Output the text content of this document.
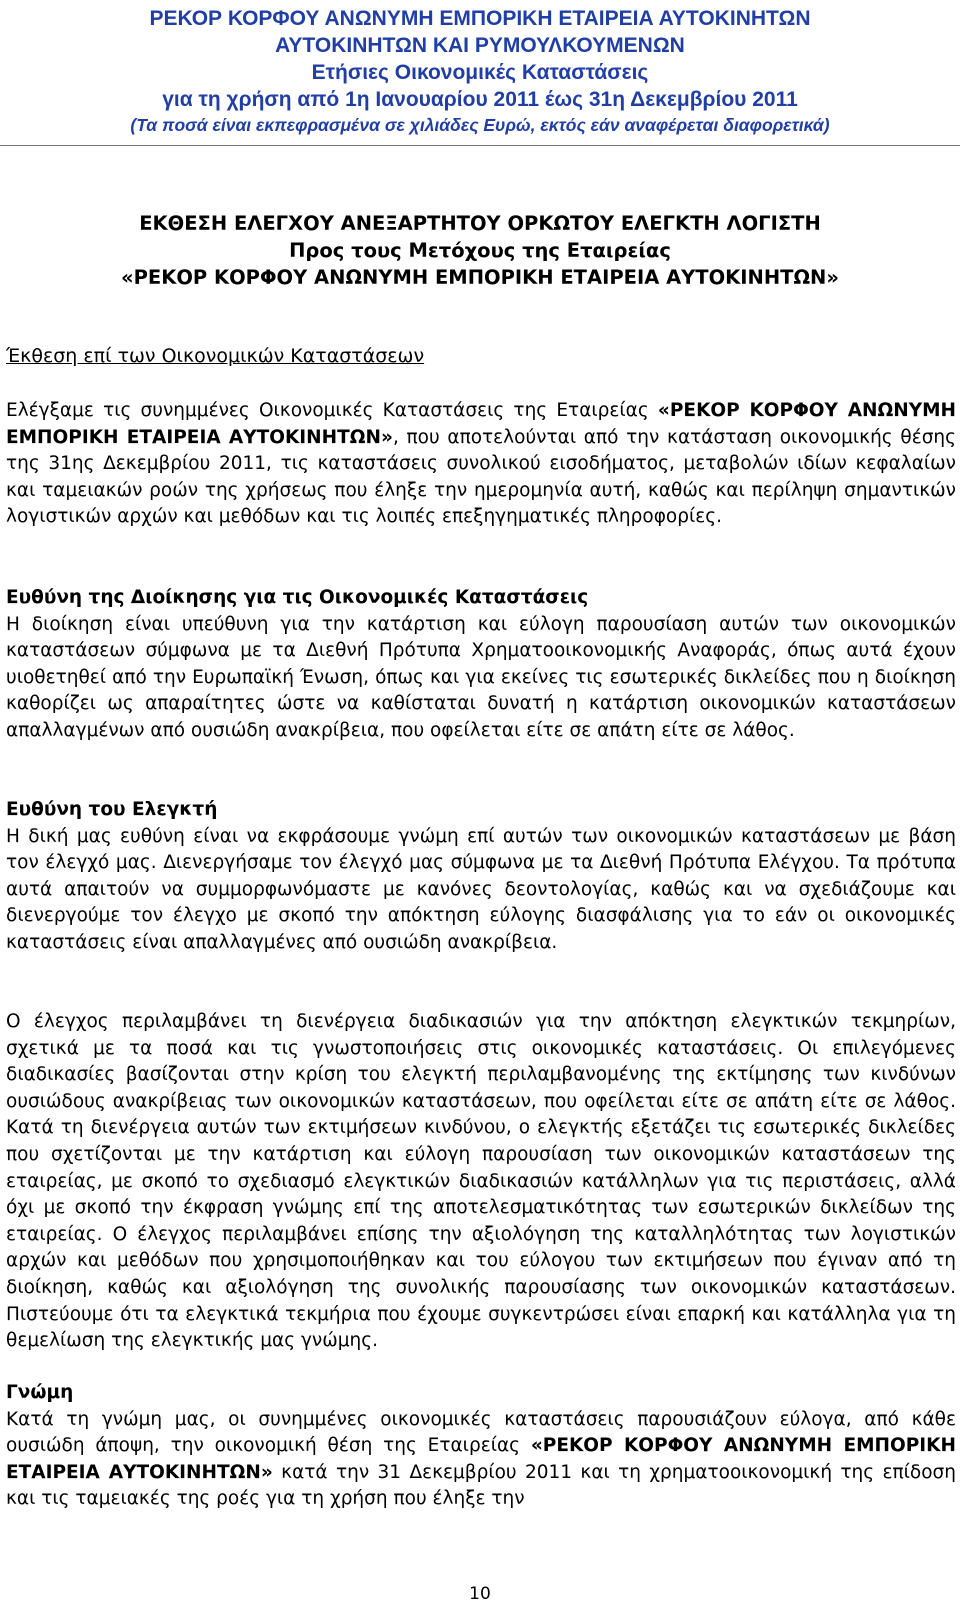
ΡΕΚΟΡ ΚΟΡΦΟΥ ΑΝΩΝΥΜΗ ΕΜΠΟΡΙΚΗ ΕΤΑΙΡΕΙΑ ΑΥΤΟΚΙΝΗΤΩΝ
ΑΥΤΟΚΙΝΗΤΩΝ ΚΑΙ ΡΥΜΟΥΛΚΟΥΜΕΝΩΝ
Ετήσιες Οικονομικές Καταστάσεις
για τη χρήση από 1η Ιανουαρίου 2011 έως 31η Δεκεμβρίου 2011
(Τα ποσά είναι εκπεφρασμένα σε χιλιάδες Ευρώ, εκτός εάν αναφέρεται διαφορετικά)
ΕΚΘΕΣΗ ΕΛΕΓΧΟΥ ΑΝΕΞΑΡΤΗΤΟΥ ΟΡΚΩΤΟΥ ΕΛΕΓΚΤΗ ΛΟΓΙΣΤΗ
Προς τους Μετόχους της Εταιρείας
«ΡΕΚΟΡ ΚΟΡΦΟΥ ΑΝΩΝΥΜΗ ΕΜΠΟΡΙΚΗ ΕΤΑΙΡΕΙΑ ΑΥΤΟΚΙΝΗΤΩΝ»
Έκθεση επί των Οικονομικών Καταστάσεων

Ελέγξαμε τις συνημμένες Οικονομικές Καταστάσεις της Εταιρείας «ΡΕΚΟΡ ΚΟΡΦΟΥ ΑΝΩΝΥΜΗ ΕΜΠΟΡΙΚΗ ΕΤΑΙΡΕΙΑ ΑΥΤΟΚΙΝΗΤΩΝ», που αποτελούνται από την κατάσταση οικονομικής θέσης της 31ης Δεκεμβρίου 2011, τις καταστάσεις συνολικού εισοδήματος, μεταβολών ιδίων κεφαλαίων και ταμειακών ροών της χρήσεως που έληξε την ημερομηνία αυτή, καθώς και περίληψη σημαντικών λογιστικών αρχών και μεθόδων και τις λοιπές επεξηγηματικές πληροφορίες.

Ευθύνη της Διοίκησης για τις Οικονομικές Καταστάσεις

Η διοίκηση είναι υπεύθυνη για την κατάρτιση και εύλογη παρουσίαση αυτών των οικονομικών καταστάσεων σύμφωνα με τα Διεθνή Πρότυπα Χρηματοοικονομικής Αναφοράς, όπως αυτά έχουν υιοθετηθεί από την Ευρωπαϊκή Ένωση, όπως και για εκείνες τις εσωτερικές δικλείδες που η διοίκηση καθορίζει ως απαραίτητες ώστε να καθίσταται δυνατή η κατάρτιση οικονομικών καταστάσεων απαλλαγμένων από ουσιώδη ανακρίβεια, που οφείλεται είτε σε απάτη είτε σε λάθος.

Ευθύνη του Ελεγκτή

Η δική μας ευθύνη είναι να εκφράσουμε γνώμη επί αυτών των οικονομικών καταστάσεων με βάση τον έλεγχό μας. Διενεργήσαμε τον έλεγχό μας σύμφωνα με τα Διεθνή Πρότυπα Ελέγχου. Τα πρότυπα αυτά απαιτούν να συμμορφωνόμαστε με κανόνες δεοντολογίας, καθώς και να σχεδιάζουμε και διενεργούμε τον έλεγχο με σκοπό την απόκτηση εύλογης διασφάλισης για το εάν οι οικονομικές καταστάσεις είναι απαλλαγμένες από ουσιώδη ανακρίβεια.

Ο έλεγχος περιλαμβάνει τη διενέργεια διαδικασιών για την απόκτηση ελεγκτικών τεκμηρίων, σχετικά με τα ποσά και τις γνωστοποιήσεις στις οικονομικές καταστάσεις. Οι επιλεγόμενες διαδικασίες βασίζονται στην κρίση του ελεγκτή περιλαμβανομένης της εκτίμησης των κινδύνων ουσιώδους ανακρίβειας των οικονομικών καταστάσεων, που οφείλεται είτε σε απάτη είτε σε λάθος. Κατά τη διενέργεια αυτών των εκτιμήσεων κινδύνου, ο ελεγκτής εξετάζει τις εσωτερικές δικλείδες που σχετίζονται με την κατάρτιση και εύλογη παρουσίαση των οικονομικών καταστάσεων της εταιρείας, με σκοπό το σχεδιασμό ελεγκτικών διαδικασιών κατάλληλων για τις περιστάσεις, αλλά όχι με σκοπό την έκφραση γνώμης επί της αποτελεσματικότητας των εσωτερικών δικλείδων της εταιρείας. Ο έλεγχος περιλαμβάνει επίσης την αξιολόγηση της καταλληλότητας των λογιστικών αρχών και μεθόδων που χρησιμοποιήθηκαν και του εύλογου των εκτιμήσεων που έγιναν από τη διοίκηση, καθώς και αξιολόγηση της συνολικής παρουσίασης των οικονομικών καταστάσεων. Πιστεύουμε ότι τα ελεγκτικά τεκμήρια που έχουμε συγκεντρώσει είναι επαρκή και κατάλληλα για τη θεμελίωση της ελεγκτικής μας γνώμης.

Γνώμη

Κατά τη γνώμη μας, οι συνημμένες οικονομικές καταστάσεις παρουσιάζουν εύλογα, από κάθε ουσιώδη άποψη, την οικονομική θέση της Εταιρείας «ΡΕΚΟΡ ΚΟΡΦΟΥ ΑΝΩΝΥΜΗ ΕΜΠΟΡΙΚΗ ΕΤΑΙΡΕΙΑ ΑΥΤΟΚΙΝΗΤΩΝ» κατά την 31 Δεκεμβρίου 2011 και τη χρηματοοικονομική της επίδοση και τις ταμειακές της ροές για τη χρήση που έληξε την

10
